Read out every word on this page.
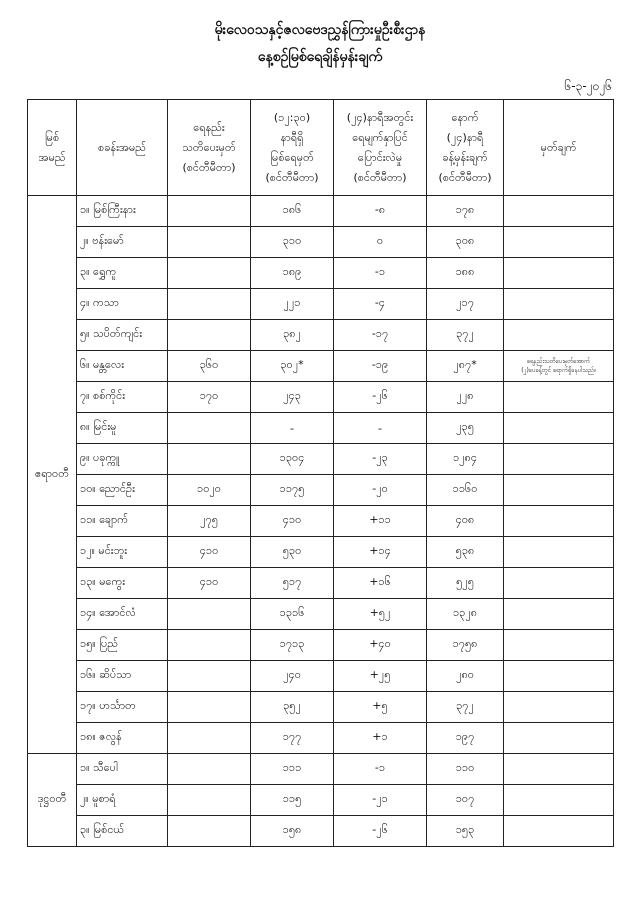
မိုးလေဝသနှင့်ဇလဗေဒညွှန်ကြားမှုဦးစီးဌာန
နေ့စဉ်မြစ်ရေချိန်မှန်းချက်
၆-၃-၂၀၂၆
မြစ်
အမည်	စခန်းအမည်	ရေနည်း
သတိပေးမှတ်
(စင်တီမီတာ)	(၁၂:၃၀)
နာရီရှိ
မြစ်ရေမှတ်
(စင်တီမီတာ)	(၂၄)နာရီအတွင်း
ရေမျက်နှာပြင်
ပြောင်းလဲမှု
(စင်တီမီတာ)	နောက်
(၂၄)နာရီ
ခန့်မှန်းချက်
(စင်တီမီတာ)	မှတ်ချက်
ဧရာဝတီ	၁။ မြစ်ကြီးနား		၁၈၆	-၈	၁၇၈	
	၂။ ဗန်းမော်		၃၁၀	၀	၃၀၈	
	၃။ ရွှေကူ		၁၈၉	-၁	၁၈၈	
	၄။ ကသာ		၂၂၁	-၄	၂၁၇	
	၅။ သပိတ်ကျင်း		၃၈၂	-၁၇	၃၇၂	
	၆။ မန္တလေး	၃၆၀	၃၀၂*	-၁၉	၂၈၇*	ရေနည်းသတိပေးမှတ်အောက်
(၂)ပေခန့်တွင် ရောက်ရှိနေပါသည်။
	၇။ စစ်ကိုင်း	၁၇၀	၂၄၃	-၂၆	၂၂၈	
	၈။ မြင်းမူ		-	-	၂၃၅	
	၉။ ပခုက္ကူ		၁၃၀၄	-၂၃	၁၂၈၄	
	၁၀။ ညောင်ဦး	၁၀၂၀	၁၁၇၅	-၂၀	၁၁၆၀	
	၁၁။ ချောက်	၂၇၅	၄၁၀	+၁၁	၄၀၈	
	၁၂။ မင်းဘူး	၄၁၀	၅၃၀	+၁၄	၅၃၈	
	၁၃။ မကွေး	၄၁၀	၅၁၇	+၁၆	၅၂၅	
	၁၄။ အောင်လံ		၁၃၁၆	+၅၂	၁၃၂၈	
	၁၅။ ပြည်		၁၇၁၃	+၄၀	၁၇၅၈	
	၁၆။ ဆိပ်သာ		၂၄၀	+၂၅	၂၈၀	
	၁၇။ ဟင်္သာတ		၃၅၂	+၅	၃၇၂	
	၁၈။ ဇလွန်		၁၇၇	+၁	၁၉၇	
ဒုဋ္ဌဝတီ	၁။ သီပေါ		၁၁၁	-၁	၁၁၀	
	၂။ မူစာရံ		၁၁၅	-၂၁	၁၀၇	
	၃။ မြစ်ငယ်		၁၅၈	-၂၆	၁၅၃	
